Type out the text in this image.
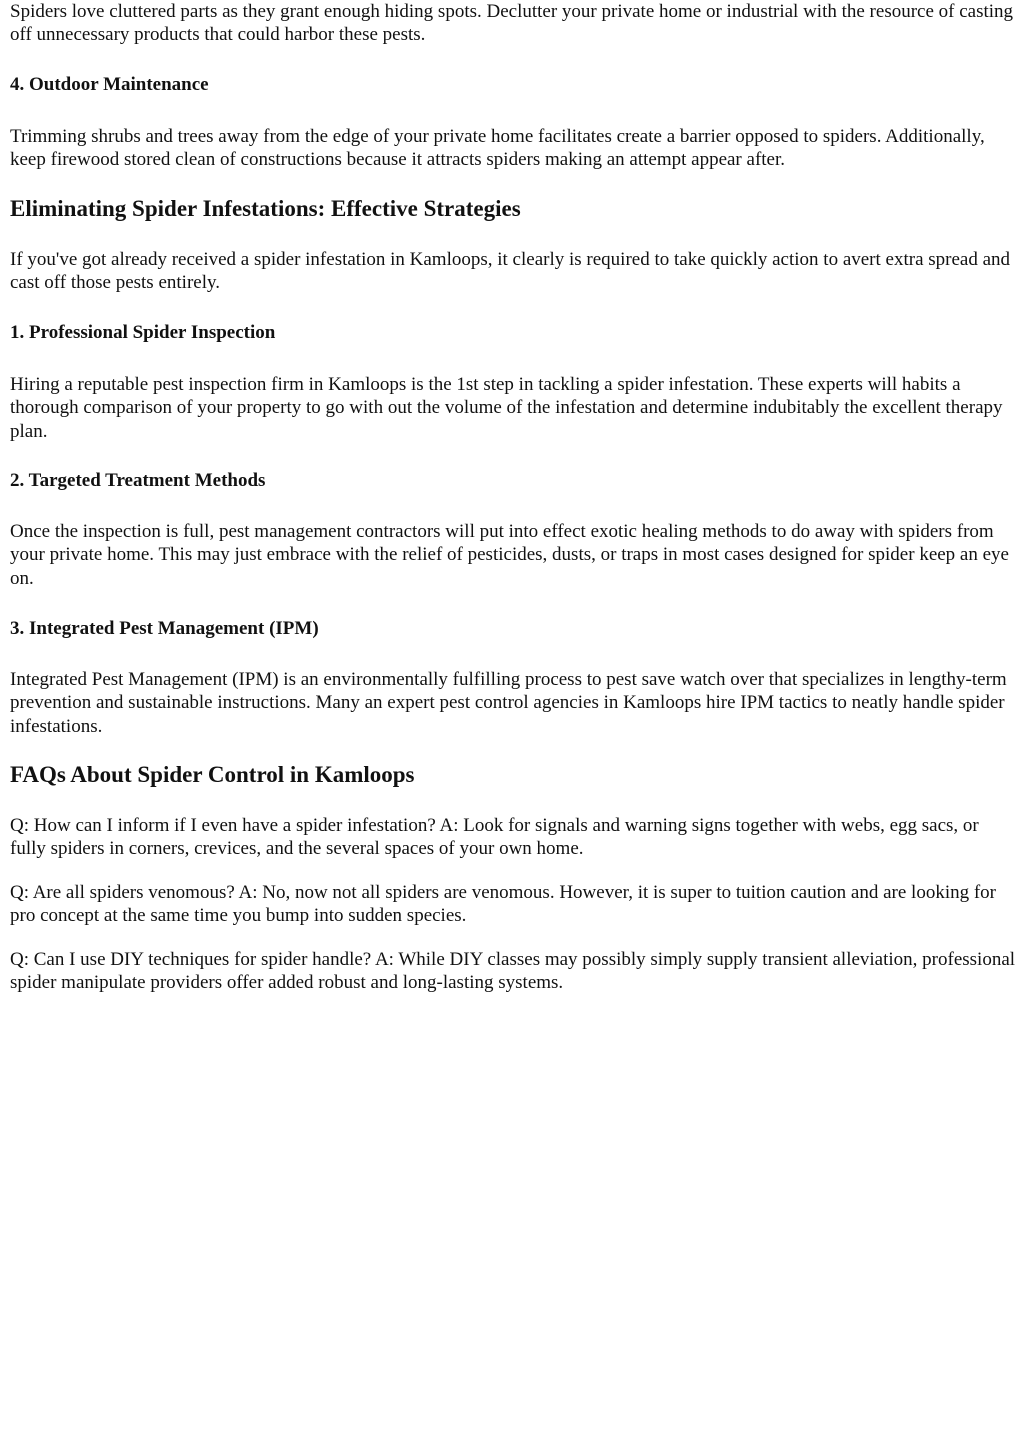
Spiders love cluttered parts as they grant enough hiding spots. Declutter your private home or industrial with the resource of casting off unnecessary products that could harbor these pests.

4. Outdoor Maintenance

Trimming shrubs and trees away from the edge of your private home facilitates create a barrier opposed to spiders. Additionally, keep firewood stored clean of constructions because it attracts spiders making an attempt appear after.

Eliminating Spider Infestations: Effective Strategies

If you've got already received a spider infestation in Kamloops, it clearly is required to take quickly action to avert extra spread and cast off those pests entirely.

1. Professional Spider Inspection

Hiring a reputable pest inspection firm in Kamloops is the 1st step in tackling a spider infestation. These experts will habits a thorough comparison of your property to go with out the volume of the infestation and determine indubitably the excellent therapy plan.

2. Targeted Treatment Methods

Once the inspection is full, pest management contractors will put into effect exotic healing methods to do away with spiders from your private home. This may just embrace with the relief of pesticides, dusts, or traps in most cases designed for spider keep an eye on.

3. Integrated Pest Management (IPM)

Integrated Pest Management (IPM) is an environmentally fulfilling process to pest save watch over that specializes in lengthy-term prevention and sustainable instructions. Many an expert pest control agencies in Kamloops hire IPM tactics to neatly handle spider infestations.

FAQs About Spider Control in Kamloops

Q: How can I inform if I even have a spider infestation? A: Look for signals and warning signs together with webs, egg sacs, or fully spiders in corners, crevices, and the several spaces of your own home.

Q: Are all spiders venomous? A: No, now not all spiders are venomous. However, it is super to tuition caution and are looking for pro concept at the same time you bump into sudden species.

Q: Can I use DIY techniques for spider handle? A: While DIY classes may possibly simply supply transient alleviation, professional spider manipulate providers offer added robust and long-lasting systems.
